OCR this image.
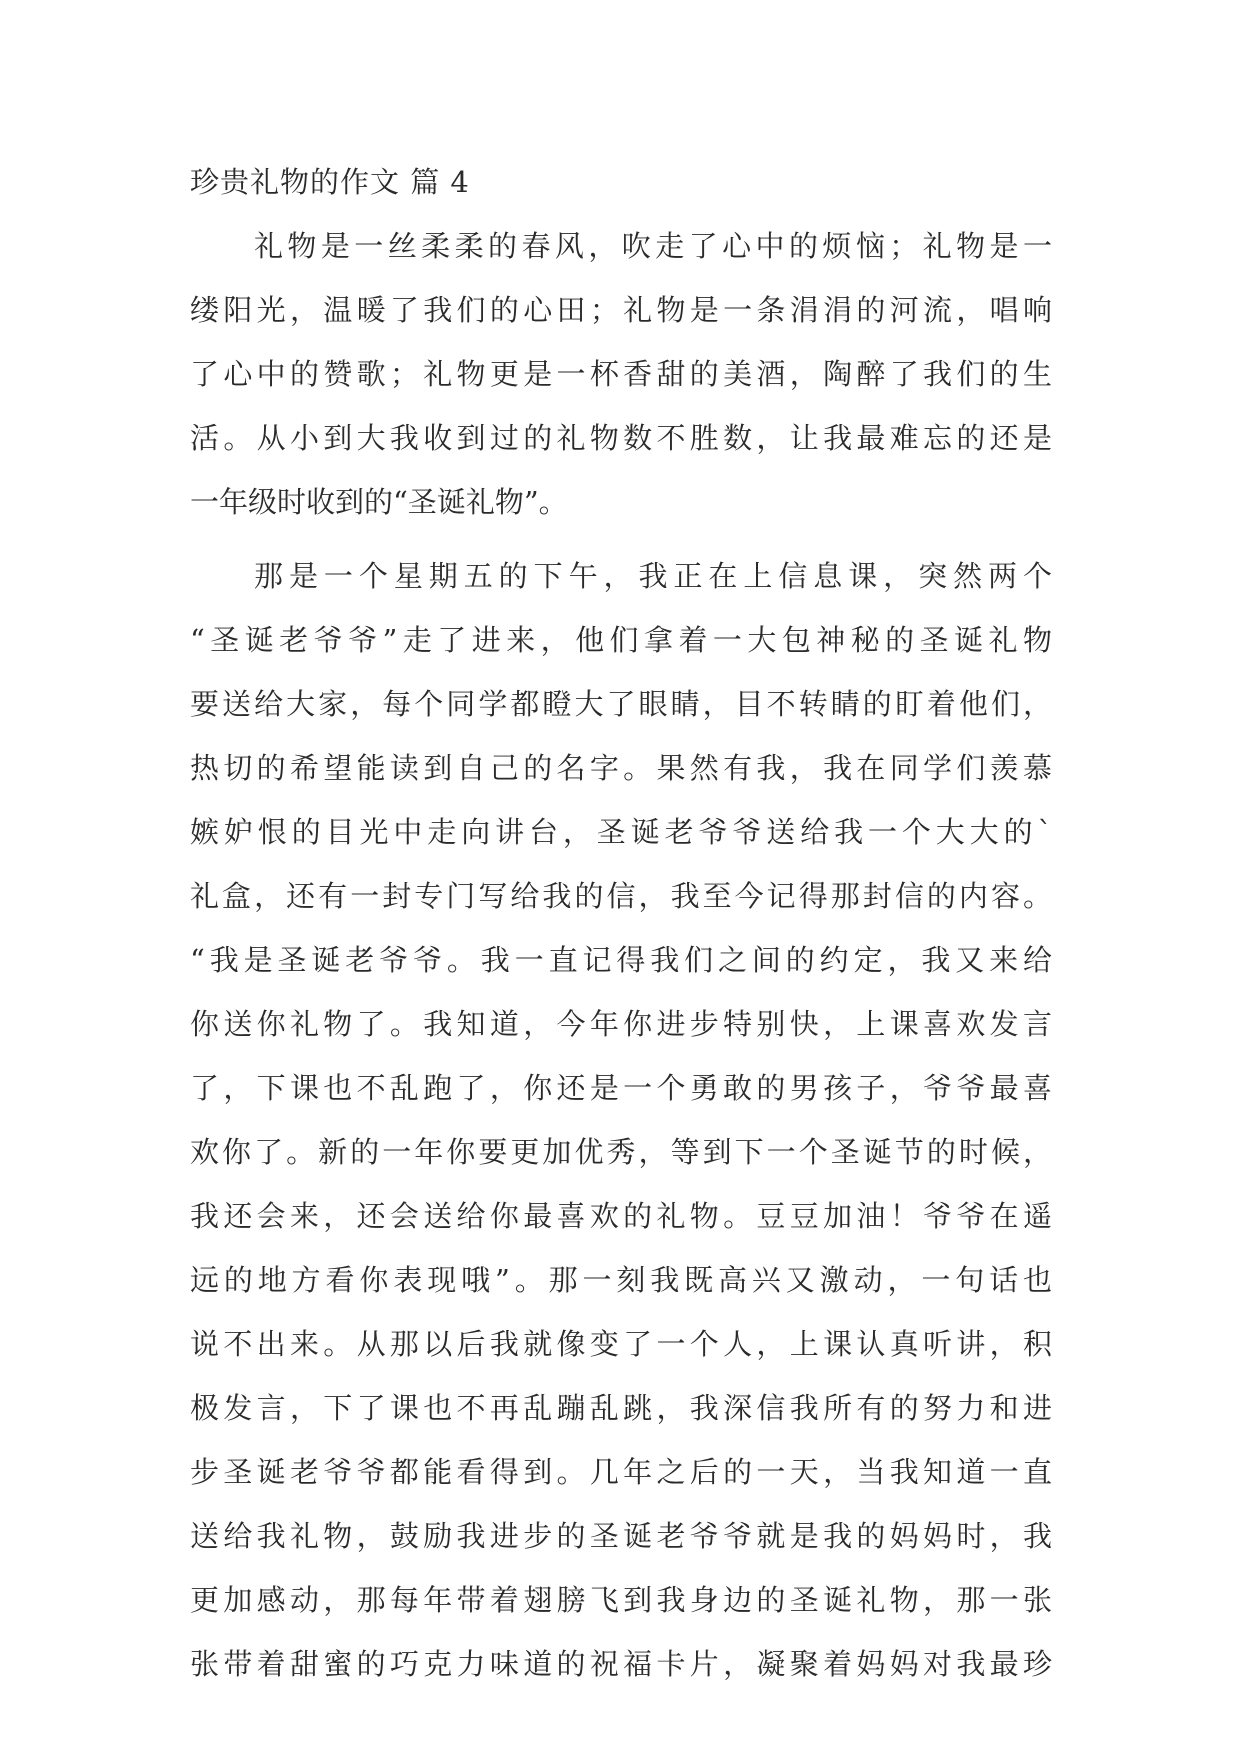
珍贵礼物的作文 篇 4
礼物是一丝柔柔的春风，吹走了心中的烦恼；礼物是一
缕阳光，温暖了我们的心田；礼物是一条涓涓的河流，唱响
了心中的赞歌；礼物更是一杯香甜的美酒，陶醉了我们的生
活。从小到大我收到过的礼物数不胜数，让我最难忘的还是
一年级时收到的“圣诞礼物”。
那是一个星期五的下午，我正在上信息课，突然两个
“圣诞老爷爷”走了进来，他们拿着一大包神秘的圣诞礼物
要送给大家，每个同学都瞪大了眼睛，目不转睛的盯着他们，
热切的希望能读到自己的名字。果然有我，我在同学们羡慕
嫉妒恨的目光中走向讲台，圣诞老爷爷送给我一个大大的`
礼盒，还有一封专门写给我的信，我至今记得那封信的内容。
“我是圣诞老爷爷。我一直记得我们之间的约定，我又来给
你送你礼物了。我知道，今年你进步特别快，上课喜欢发言
了，下课也不乱跑了，你还是一个勇敢的男孩子，爷爷最喜
欢你了。新的一年你要更加优秀，等到下一个圣诞节的时候，
我还会来，还会送给你最喜欢的礼物。豆豆加油！爷爷在遥
远的地方看你表现哦”。那一刻我既高兴又激动，一句话也
说不出来。从那以后我就像变了一个人，上课认真听讲，积
极发言，下了课也不再乱蹦乱跳，我深信我所有的努力和进
步圣诞老爷爷都能看得到。几年之后的一天，当我知道一直
送给我礼物，鼓励我进步的圣诞老爷爷就是我的妈妈时，我
更加感动，那每年带着翅膀飞到我身边的圣诞礼物，那一张
张带着甜蜜的巧克力味道的祝福卡片，凝聚着妈妈对我最珍
